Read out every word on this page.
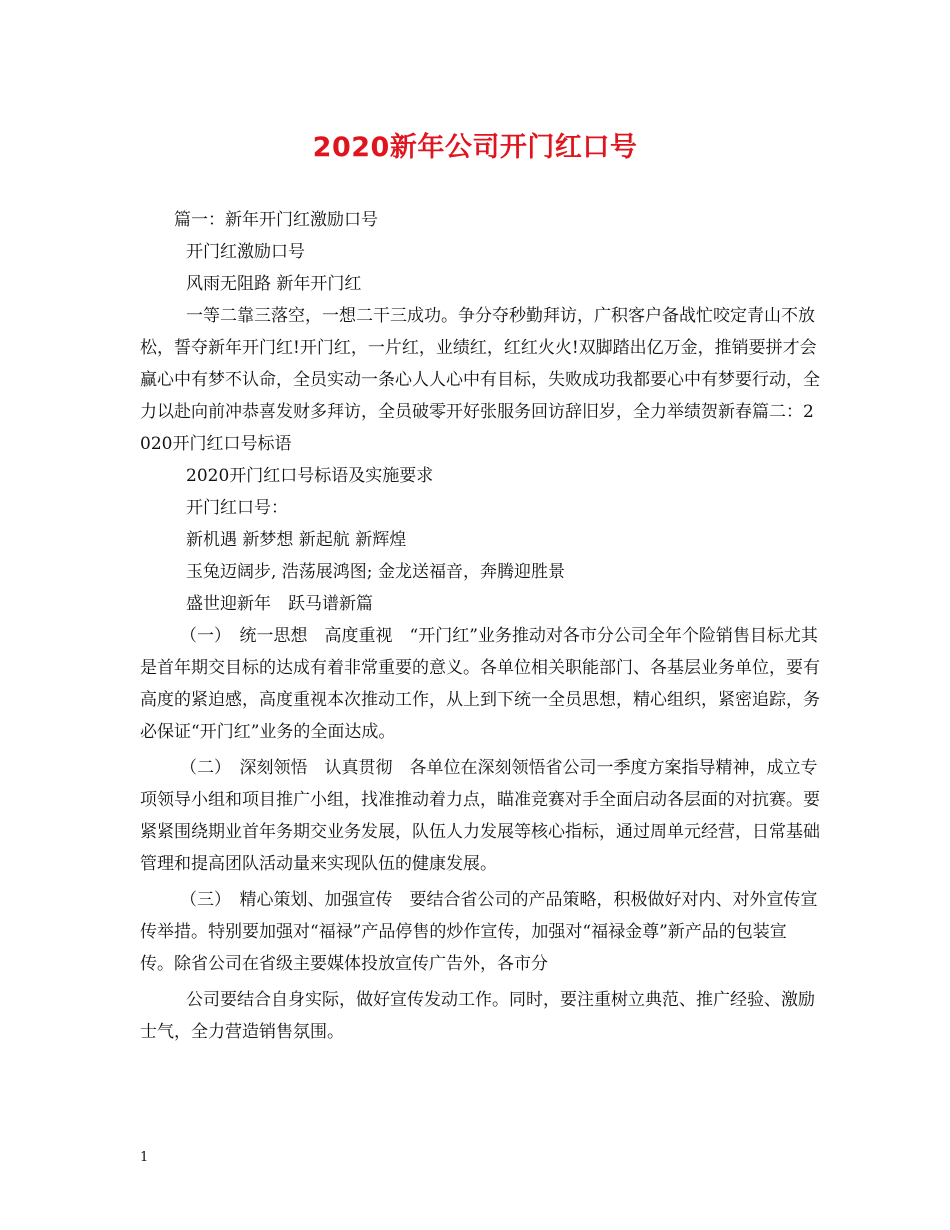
2020新年公司开门红口号

篇一：新年开门红激励口号

开门红激励口号

风雨无阻路 新年开门红

一等二靠三落空，一想二干三成功。争分夺秒勤拜访，广积客户备战忙咬定青山不放松，誓夺新年开门红!开门红，一片红，业绩红，红红火火!双脚踏出亿万金，推销要拼才会赢心中有梦不认命，全员实动一条心人人心中有目标，失败成功我都要心中有梦要行动，全力以赴向前冲恭喜发财多拜访，全员破零开好张服务回访辞旧岁，全力举绩贺新春篇二：2020开门红口号标语

2020开门红口号标语及实施要求

开门红口号：

新机遇 新梦想 新起航 新辉煌

玉兔迈阔步, 浩荡展鸿图; 金龙送福音，奔腾迎胜景

盛世迎新年　跃马谱新篇

（一）　统一思想　高度重视　“开门红”业务推动对各市分公司全年个险销售目标尤其是首年期交目标的达成有着非常重要的意义。各单位相关职能部门、各基层业务单位，要有高度的紧迫感，高度重视本次推动工作，从上到下统一全员思想，精心组织，紧密追踪，务必保证“开门红”业务的全面达成。

（二）　深刻领悟　认真贯彻　各单位在深刻领悟省公司一季度方案指导精神，成立专项领导小组和项目推广小组，找准推动着力点，瞄准竞赛对手全面启动各层面的对抗赛。要紧紧围绕期业首年务期交业务发展，队伍人力发展等核心指标，通过周单元经营，日常基础管理和提高团队活动量来实现队伍的健康发展。

（三）　精心策划、加强宣传　要结合省公司的产品策略，积极做好对内、对外宣传宣传举措。特别要加强对“福禄”产品停售的炒作宣传，加强对“福禄金尊”新产品的包装宣传。除省公司在省级主要媒体投放宣传广告外，各市分

公司要结合自身实际，做好宣传发动工作。同时，要注重树立典范、推广经验、激励士气，全力营造销售氛围。

1
